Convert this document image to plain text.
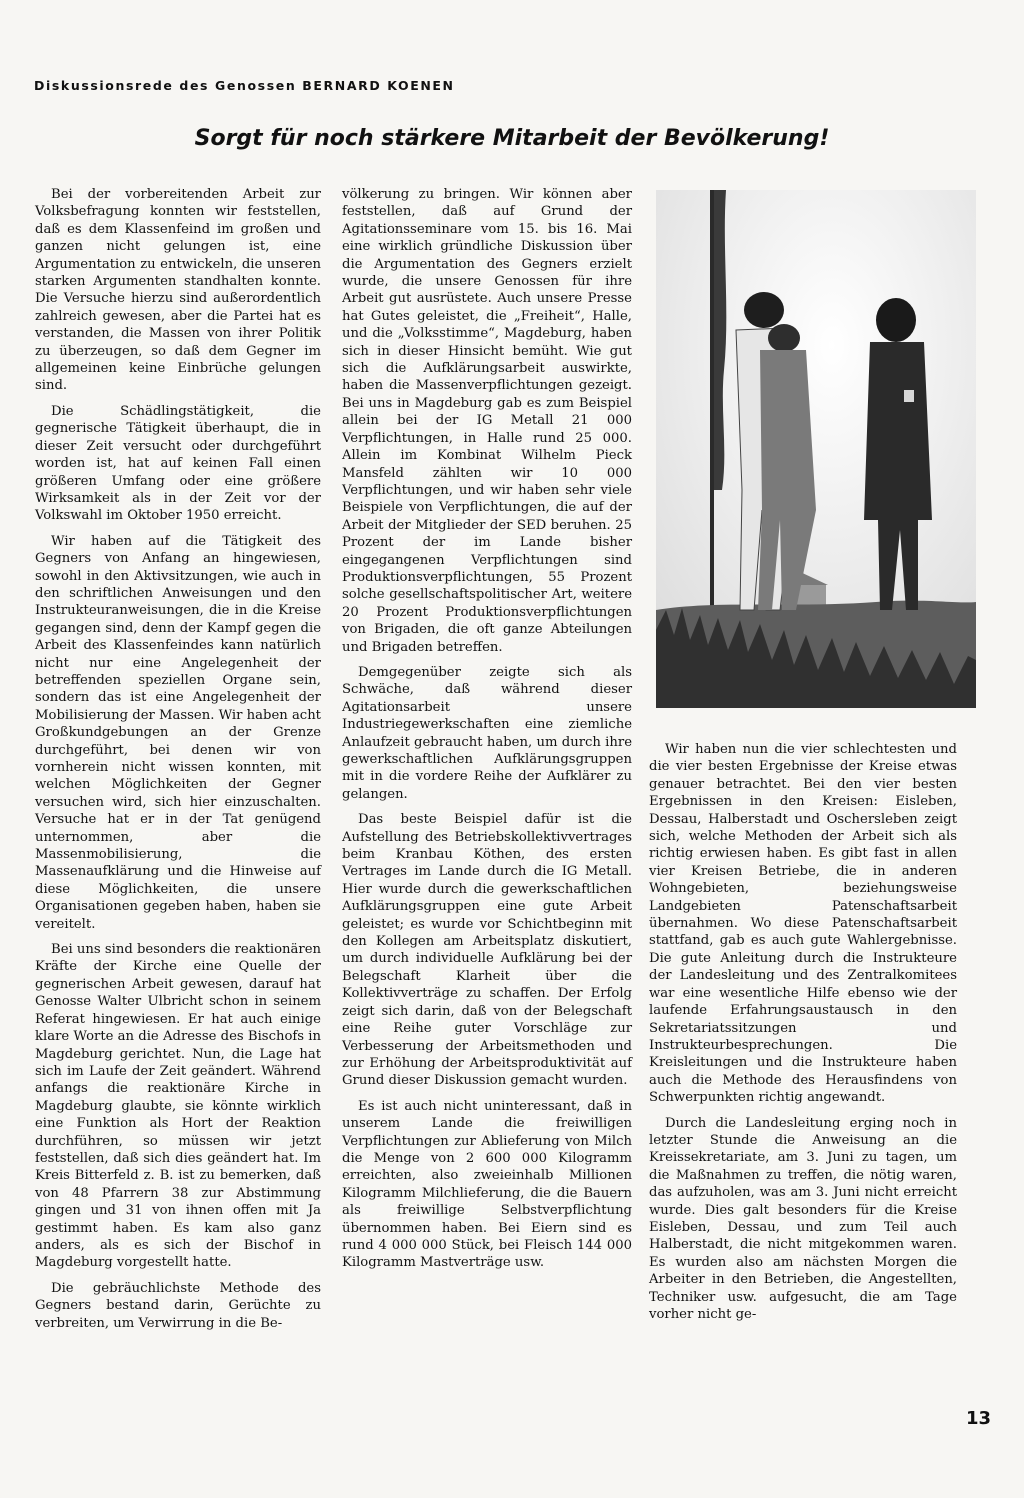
Diskussionsrede des Genossen BERNARD KOENEN
Sorgt für noch stärkere Mitarbeit der Bevölkerung!

Bei der vorbereitenden Arbeit zur Volksbefragung konnten wir feststellen, daß es dem Klassenfeind im großen und ganzen nicht gelungen ist, eine Argumentation zu entwickeln, die unseren starken Argumenten standhalten konnte. Die Versuche hierzu sind außerordentlich zahlreich gewesen, aber die Partei hat es verstanden, die Massen von ihrer Politik zu überzeugen, so daß dem Gegner im allgemeinen keine Einbrüche gelungen sind.

Die Schädlingstätigkeit, die gegnerische Tätigkeit überhaupt, die in dieser Zeit versucht oder durchgeführt worden ist, hat auf keinen Fall einen größeren Umfang oder eine größere Wirksamkeit als in der Zeit vor der Volkswahl im Oktober 1950 erreicht.

Wir haben auf die Tätigkeit des Gegners von Anfang an hingewiesen, sowohl in den Aktivsitzungen, wie auch in den schriftlichen Anweisungen und den Instrukteuranweisungen, die in die Kreise gegangen sind, denn der Kampf gegen die Arbeit des Klassenfeindes kann natürlich nicht nur eine Angelegenheit der betreffenden speziellen Organe sein, sondern das ist eine Angelegenheit der Mobilisierung der Massen. Wir haben acht Großkundgebungen an der Grenze durchgeführt, bei denen wir von vornherein nicht wissen konnten, mit welchen Möglichkeiten der Gegner versuchen wird, sich hier einzuschalten. Versuche hat er in der Tat genügend unternommen, aber die Massenmobilisierung, die Massenaufklärung und die Hinweise auf diese Möglichkeiten, die unsere Organisationen gegeben haben, haben sie vereitelt.

Bei uns sind besonders die reaktionären Kräfte der Kirche eine Quelle der gegnerischen Arbeit gewesen, darauf hat Genosse Walter Ulbricht schon in seinem Referat hingewiesen. Er hat auch einige klare Worte an die Adresse des Bischofs in Magdeburg gerichtet. Nun, die Lage hat sich im Laufe der Zeit geändert. Während anfangs die reaktionäre Kirche in Magdeburg glaubte, sie könnte wirklich eine Funktion als Hort der Reaktion durchführen, so müssen wir jetzt feststellen, daß sich dies geändert hat. Im Kreis Bitterfeld z. B. ist zu bemerken, daß von 48 Pfarrern 38 zur Abstimmung gingen und 31 von ihnen offen mit Ja gestimmt haben. Es kam also ganz anders, als es sich der Bischof in Magdeburg vorgestellt hatte.

Die gebräuchlichste Methode des Gegners bestand darin, Gerüchte zu verbreiten, um Verwirrung in die Be-

völkerung zu bringen. Wir können aber feststellen, daß auf Grund der Agitationsseminare vom 15. bis 16. Mai eine wirklich gründliche Diskussion über die Argumentation des Gegners erzielt wurde, die unsere Genossen für ihre Arbeit gut ausrüstete. Auch unsere Presse hat Gutes geleistet, die „Freiheit“, Halle, und die „Volksstimme“, Magdeburg, haben sich in dieser Hinsicht bemüht. Wie gut sich die Aufklärungsarbeit auswirkte, haben die Massenverpflichtungen gezeigt. Bei uns in Magdeburg gab es zum Beispiel allein bei der IG Metall 21 000 Verpflichtungen, in Halle rund 25 000. Allein im Kombinat Wilhelm Pieck Mansfeld zählten wir 10 000 Verpflichtungen, und wir haben sehr viele Beispiele von Verpflichtungen, die auf der Arbeit der Mitglieder der SED beruhen. 25 Prozent der im Lande bisher eingegangenen Verpflichtungen sind Produktionsverpflichtungen, 55 Prozent solche gesellschaftspolitischer Art, weitere 20 Prozent Produktionsverpflichtungen von Brigaden, die oft ganze Abteilungen und Brigaden betreffen.

Demgegenüber zeigte sich als Schwäche, daß während dieser Agitationsarbeit unsere Industriegewerkschaften eine ziemliche Anlaufzeit gebraucht haben, um durch ihre gewerkschaftlichen Aufklärungsgruppen mit in die vordere Reihe der Aufklärer zu gelangen.

Das beste Beispiel dafür ist die Aufstellung des Betriebskollektivvertrages beim Kranbau Köthen, des ersten Vertrages im Lande durch die IG Metall. Hier wurde durch die gewerkschaftlichen Aufklärungsgruppen eine gute Arbeit geleistet; es wurde vor Schichtbeginn mit den Kollegen am Arbeitsplatz diskutiert, um durch individuelle Aufklärung bei der Belegschaft Klarheit über die Kollektivverträge zu schaffen. Der Erfolg zeigt sich darin, daß von der Belegschaft eine Reihe guter Vorschläge zur Verbesserung der Arbeitsmethoden und zur Erhöhung der Arbeitsproduktivität auf Grund dieser Diskussion gemacht wurden.

Es ist auch nicht uninteressant, daß in unserem Lande die freiwilligen Verpflichtungen zur Ablieferung von Milch die Menge von 2 600 000 Kilogramm erreichten, also zweieinhalb Millionen Kilogramm Milchlieferung, die die Bauern als freiwillige Selbstverpflichtung übernommen haben. Bei Eiern sind es rund 4 000 000 Stück, bei Fleisch 144 000 Kilogramm Mastverträge usw.

Wir haben nun die vier schlechtesten und die vier besten Ergebnisse der Kreise etwas genauer betrachtet. Bei den vier besten Ergebnissen in den Kreisen: Eisleben, Dessau, Halberstadt und Oschersleben zeigt sich, welche Methoden der Arbeit sich als richtig erwiesen haben. Es gibt fast in allen vier Kreisen Betriebe, die in anderen Wohngebieten, beziehungsweise Landgebieten Patenschaftsarbeit übernahmen. Wo diese Patenschaftsarbeit stattfand, gab es auch gute Wahlergebnisse. Die gute Anleitung durch die Instrukteure der Landesleitung und des Zentralkomitees war eine wesentliche Hilfe ebenso wie der laufende Erfahrungsaustausch in den Sekretariatssitzungen und Instrukteurbesprechungen. Die Kreisleitungen und die Instrukteure haben auch die Methode des Herausfindens von Schwerpunkten richtig angewandt.

Durch die Landesleitung erging noch in letzter Stunde die Anweisung an die Kreissekretariate, am 3. Juni zu tagen, um die Maßnahmen zu treffen, die nötig waren, das aufzuholen, was am 3. Juni nicht erreicht wurde. Dies galt besonders für die Kreise Eisleben, Dessau, und zum Teil auch Halberstadt, die nicht mitgekommen waren. Es wurden also am nächsten Morgen die Arbeiter in den Betrieben, die Angestellten, Techniker usw. aufgesucht, die am Tage vorher nicht ge-

13
